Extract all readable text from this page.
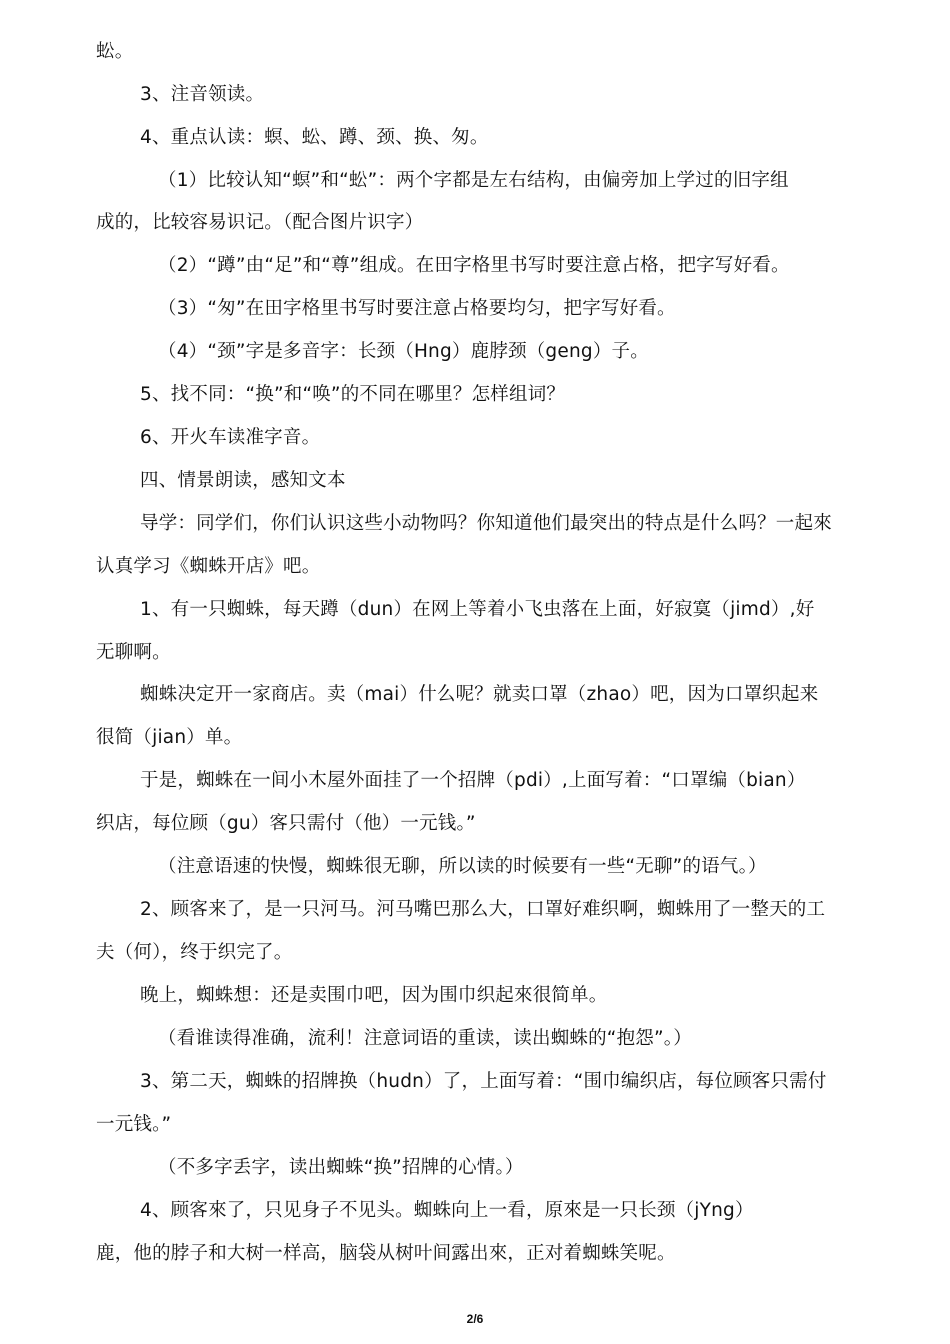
蚣。
3、注音领读。
4、重点认读：螟、蚣、蹲、颈、换、匆。
（1）比较认知“螟”和“蚣”：两个字都是左右结构，由偏旁加上学过的旧字组
成的，比较容易识记。（配合图片识字）
（2）“蹲”由“足”和“尊”组成。在田字格里书写时要注意占格，把字写好看。
（3）“匆”在田字格里书写时要注意占格要均匀，把字写好看。
（4）“颈”字是多音字：长颈（Hng）鹿脖颈（geng）子。
5、找不同：“换”和“唤”的不同在哪里？怎样组词？
6、开火车读准字音。
四、情景朗读，感知文本
导学：同学们，你们认识这些小动物吗？你知道他们最突出的特点是什么吗？一起來
认真学习《蜘蛛开店》吧。
1、有一只蜘蛛，每天蹲（dun）在网上等着小飞虫落在上面，好寂寞（jimd）,好
无聊啊。
蜘蛛决定开一家商店。卖（mai）什么呢？就卖口罩（zhao）吧，因为口罩织起来
很简（jian）单。
于是，蜘蛛在一间小木屋外面挂了一个招牌（pdi）,上面写着：“口罩编（bian）
织店，每位顾（gu）客只需付（他）一元钱。”
（注意语速的快慢，蜘蛛很无聊，所以读的时候要有一些“无聊”的语气。）
2、顾客来了，是一只河马。河马嘴巴那么大，口罩好难织啊，蜘蛛用了一整天的工
夫（何），终于织完了。
晚上，蜘蛛想：还是卖围巾吧，因为围巾织起來很简单。
（看谁读得准确，流利！注意词语的重读，读出蜘蛛的“抱怨”。）
3、第二天，蜘蛛的招牌换（hudn）了，上面写着：“围巾编织店，每位顾客只需付
一元钱。”
（不多字丢字，读出蜘蛛“换”招牌的心情。）
4、顾客來了，只见身子不见头。蜘蛛向上一看，原來是一只长颈（jYng）
鹿，他的脖子和大树一样高，脑袋从树叶间露出來，正对着蜘蛛笑呢。
2/6
